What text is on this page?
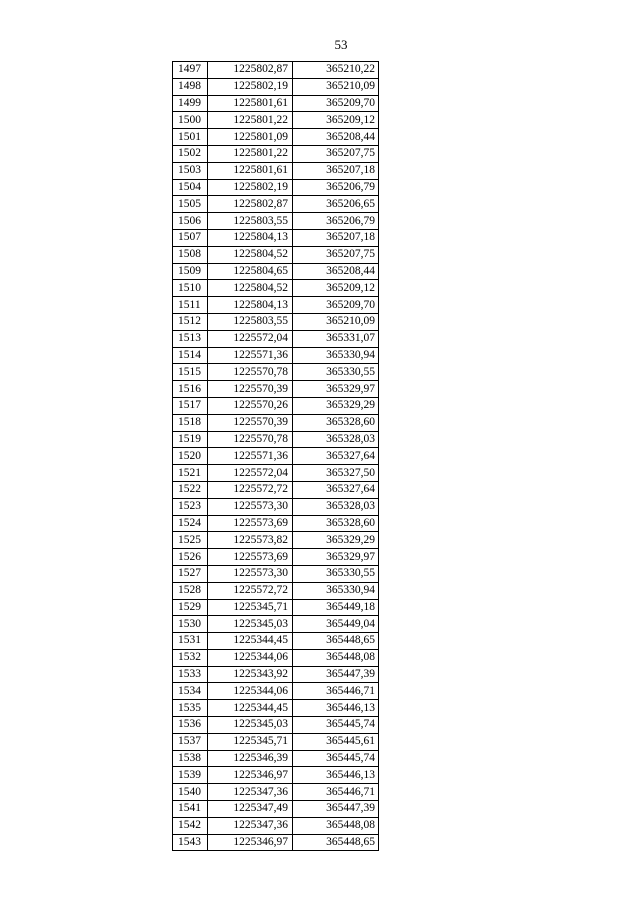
53
1497	1225802,87	365210,22
1498	1225802,19	365210,09
1499	1225801,61	365209,70
1500	1225801,22	365209,12
1501	1225801,09	365208,44
1502	1225801,22	365207,75
1503	1225801,61	365207,18
1504	1225802,19	365206,79
1505	1225802,87	365206,65
1506	1225803,55	365206,79
1507	1225804,13	365207,18
1508	1225804,52	365207,75
1509	1225804,65	365208,44
1510	1225804,52	365209,12
1511	1225804,13	365209,70
1512	1225803,55	365210,09
1513	1225572,04	365331,07
1514	1225571,36	365330,94
1515	1225570,78	365330,55
1516	1225570,39	365329,97
1517	1225570,26	365329,29
1518	1225570,39	365328,60
1519	1225570,78	365328,03
1520	1225571,36	365327,64
1521	1225572,04	365327,50
1522	1225572,72	365327,64
1523	1225573,30	365328,03
1524	1225573,69	365328,60
1525	1225573,82	365329,29
1526	1225573,69	365329,97
1527	1225573,30	365330,55
1528	1225572,72	365330,94
1529	1225345,71	365449,18
1530	1225345,03	365449,04
1531	1225344,45	365448,65
1532	1225344,06	365448,08
1533	1225343,92	365447,39
1534	1225344,06	365446,71
1535	1225344,45	365446,13
1536	1225345,03	365445,74
1537	1225345,71	365445,61
1538	1225346,39	365445,74
1539	1225346,97	365446,13
1540	1225347,36	365446,71
1541	1225347,49	365447,39
1542	1225347,36	365448,08
1543	1225346,97	365448,65
